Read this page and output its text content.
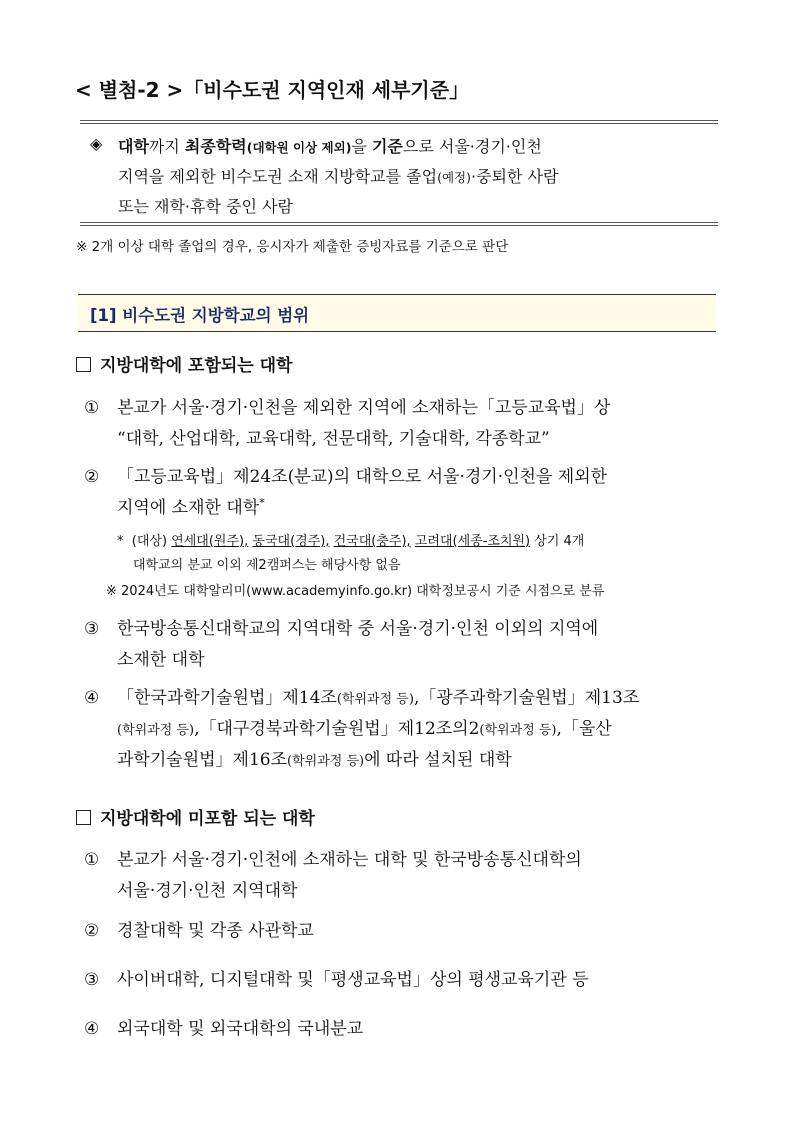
< 별첨-2 >「비수도권 지역인재 세부기준」
◈ 대학까지 최종학력(대학원 이상 제외)을 기준으로 서울·경기·인천
지역을 제외한 비수도권 소재 지방학교를 졸업(예정)·중퇴한 사람
또는 재학·휴학 중인 사람
※ 2개 이상 대학 졸업의 경우, 응시자가 제출한 증빙자료를 기준으로 판단
[1] 비수도권 지방학교의 범위
지방대학에 포함되는 대학
① 본교가 서울·경기·인천을 제외한 지역에 소재하는「고등교육법」상
“대학, 산업대학, 교육대학, 전문대학, 기술대학, 각종학교”
② 「고등교육법」제24조(분교)의 대학으로 서울·경기·인천을 제외한
지역에 소재한 대학*
* (대상) 연세대(원주), 동국대(경주), 건국대(충주), 고려대(세종-조치원) 상기 4개
대학교의 분교 이외 제2캠퍼스는 해당사항 없음
※ 2024년도 대학알리미(www.academyinfo.go.kr) 대학정보공시 기준 시점으로 분류
③ 한국방송통신대학교의 지역대학 중 서울·경기·인천 이외의 지역에
소재한 대학
④ 「한국과학기술원법」제14조(학위과정 등),「광주과학기술원법」제13조
(학위과정 등),「대구경북과학기술원법」제12조의2(학위과정 등),「울산
과학기술원법」제16조(학위과정 등)에 따라 설치된 대학
지방대학에 미포함 되는 대학
① 본교가 서울·경기·인천에 소재하는 대학 및 한국방송통신대학의
서울·경기·인천 지역대학
② 경찰대학 및 각종 사관학교
③ 사이버대학, 디지털대학 및「평생교육법」상의 평생교육기관 등
④ 외국대학 및 외국대학의 국내분교
